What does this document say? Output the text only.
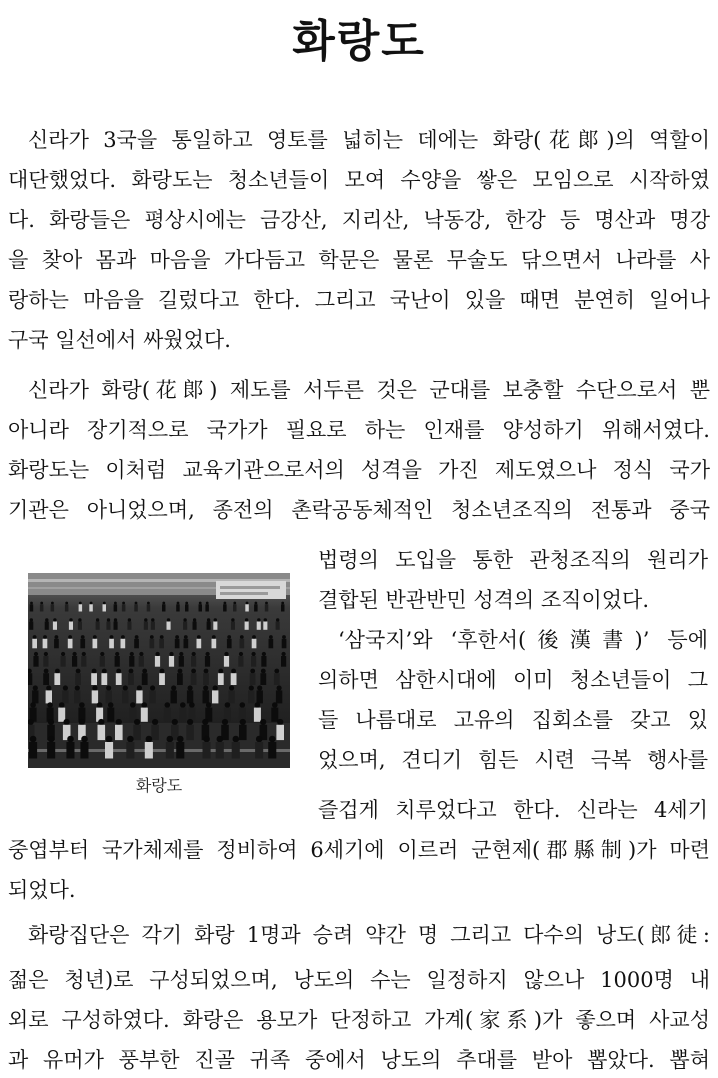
화랑도
신라가 3국을 통일하고 영토를 넓히는 데에는 화랑(花郞)의 역할이
대단했었다. 화랑도는 청소년들이 모여 수양을 쌓은 모임으로 시작하였
다. 화랑들은 평상시에는 금강산, 지리산, 낙동강, 한강 등 명산과 명강
을 찾아 몸과 마음을 가다듬고 학문은 물론 무술도 닦으면서 나라를 사
랑하는 마음을 길렀다고 한다. 그리고 국난이 있을 때면 분연히 일어나
구국 일선에서 싸웠었다.
신라가 화랑(花郞) 제도를 서두른 것은 군대를 보충할 수단으로서 뿐
아니라 장기적으로 국가가 필요로 하는 인재를 양성하기 위해서였다.
화랑도는 이처럼 교육기관으로서의 성격을 가진 제도였으나 정식 국가
기관은 아니었으며, 종전의 촌락공동체적인 청소년조직의 전통과 중국
법령의 도입을 통한 관청조직의 원리가
결합된 반관반민 성격의 조직이었다.
‘삼국지’와 ‘후한서(後漢書)’ 등에
의하면 삼한시대에 이미 청소년들이 그
들 나름대로 고유의 집회소를 갖고 있
었으며, 견디기 힘든 시련 극복 행사를
즐겁게 치루었다고 한다. 신라는 4세기
중엽부터 국가체제를 정비하여 6세기에 이르러 군현제(郡縣制)가 마련
되었다.
화랑집단은 각기 화랑 1명과 승려 약간 명 그리고 다수의 낭도(郎徒:
젊은 청년)로 구성되었으며, 낭도의 수는 일정하지 않으나 1000명 내
외로 구성하였다. 화랑은 용모가 단정하고 가계(家系)가 좋으며 사교성
과 유머가 풍부한 진골 귀족 중에서 낭도의 추대를 받아 뽑았다. 뽑혀
화랑도
